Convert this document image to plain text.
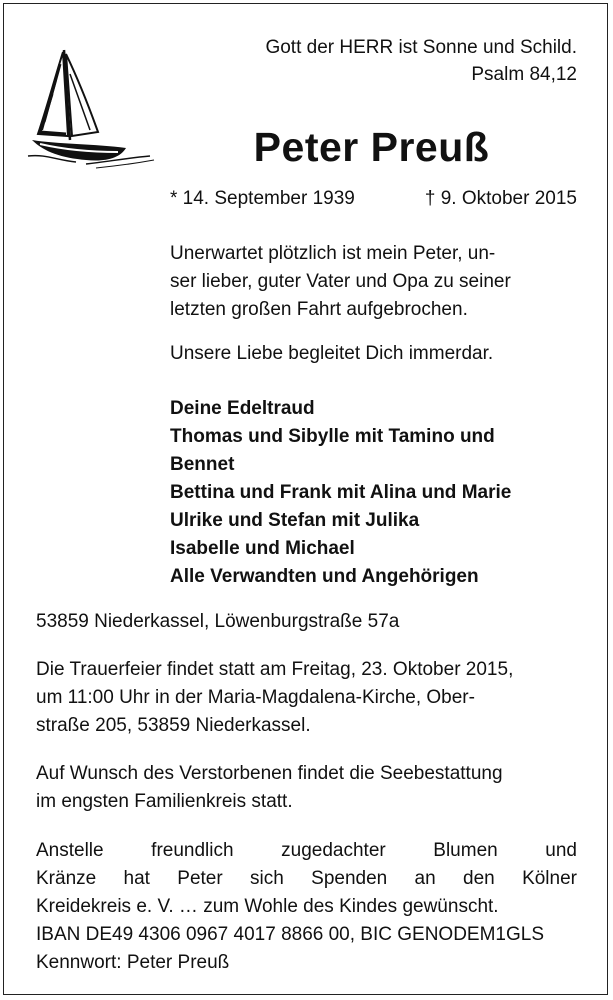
Gott der HERR ist Sonne und Schild.
Psalm 84,12
Peter Preuß
* 14. September 1939	† 9. Oktober 2015
Unerwartet plötzlich ist mein Peter, un-
ser lieber, guter Vater und Opa zu seiner
letzten großen Fahrt aufgebrochen.
Unsere Liebe begleitet Dich immerdar.
Deine Edeltraud
Thomas und Sibylle mit Tamino und
Bennet
Bettina und Frank mit Alina und Marie
Ulrike und Stefan mit Julika
Isabelle und Michael
Alle Verwandten und Angehörigen
53859 Niederkassel, Löwenburgstraße 57a
Die Trauerfeier findet statt am Freitag, 23. Oktober 2015,
um 11:00 Uhr in der Maria-Magdalena-Kirche, Ober-
straße 205, 53859 Niederkassel.
Auf Wunsch des Verstorbenen findet die Seebestattung
im engsten Familienkreis statt.
Anstelle freundlich zugedachter Blumen und
Kränze hat Peter sich Spenden an den Kölner
Kreidekreis e. V. … zum Wohle des Kindes gewünscht.
IBAN DE49 4306 0967 4017 8866 00, BIC GENODEM1GLS
Kennwort: Peter Preuß
